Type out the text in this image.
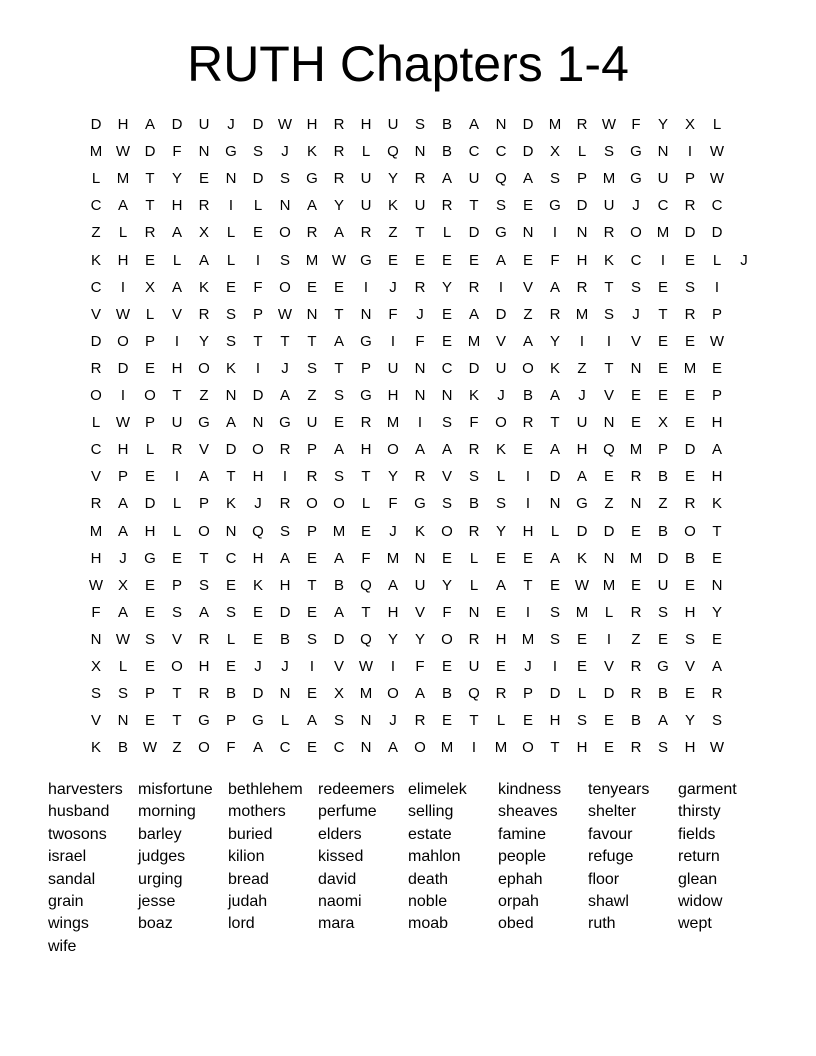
RUTH Chapters 1-4
D	H	A	D	U	J	D W H	R	H	U	S	B	A	N	D	M	R W	F	Y	X	L
M W D	F	N	G	S	J	K	R	L	Q	N	B	C	C	D	X	L	S	G	N	I	W
L	M	T	Y	E	N	D	S	G	R	U	Y	R	A	U	Q	A	S	P	M G	U	P W
C	A	T	H	R	I	L	N	A	Y	U	K	U	R	T	S	E	G	D	U	J	C	R	C
Z	L	R	A	X	L	E	O	R	A	R	Z	T	L	D	G	N	I	N	R	O M	D	D
K	H	E	L	A	L	I	S	M W G	E	E	E	E	A	E	F	H	K	C	I	E	L	J
C	I	X	A	K	E	F	O	E	E	I	J	R	Y	R	I	V	A	R	T	S	E	S	I
V W	L	V	R	S	P W N	T	N	F	J	E	A	D	Z	R	M	S	J	T	R	P
D	O	P	I	Y	S	T	T	T	A	G	I	F	E	M	V	A	Y	I	I	V	E	E W
R	D	E	H	O	K	I	J	S	T	P	U	N	C	D	U	O	K	Z	T	N	E	M	E
O	I	O	T	Z	N	D	A	Z	S	G	H	N	N	K	J	B	A	J	V	E	E	E	P
L	W P	U	G	A	N	G	U	E	R	M	I	S	F	O	R	T	U	N	E	X	E	H
C	H	L	R	V	D	O	R	P	A	H	O	A	A	R	K	E	A	H	Q M	P	D	A
V	P	E	I	A	T	H	I	R	S	T	Y	R	V	S	L	I	D	A	E	R	B	E	H
R	A	D	L	P	K	J	R	O	O	L	F	G	S	B	S	I	N	G	Z	N	Z	R	K
M	A	H	L	O	N	Q	S	P	M	E	J	K	O	R	Y	H	L	D	D	E	B	O	T
H	J	G	E	T	C	H	A	E	A	F	M	N	E	L	E	E	A	K	N	M	D	B	E
W X	E	P	S	E	K	H	T	B	Q	A	U	Y	L	A	T	E W M	E	U	E	N
F	A	E	S	A	S	E	D	E	A	T	H	V	F	N	E	I	S	M	L	R	S	H	Y
N W S	V	R	L	E	B	S	D	Q	Y	Y	O	R	H	M	S	E	I	Z	E	S	E
X	L	E	O	H	E	J	J	I	V W	I	F	E	U	E	J	I	E	V	R	G	V	A
S	S	P	T	R	B	D	N	E	X	M O	A	B	Q	R	P	D	L	D	R	B	E	R
V	N	E	T	G	P	G	L	A	S	N	J	R	E	T	L	E	H	S	E	B	A	Y	S
K	B W	Z	O	F	A	C	E	C	N	A	O M	I	M O	T	H	E	R	S	H W
harvesters misfortune bethlehem redeemers elimelek kindness tenyears garment
husband morning mothers perfume selling	sheaves shelter	thirsty
twosons barley	buried	elders	estate	famine	favour	fields
israel	judges	kilion	kissed	mahlon people	refuge	return
sandal	urging	bread	david	death	ephah	floor	glean
grain	jesse	judah	naomi	noble	orpah	shawl	widow
wings	boaz	lord	mara	moab	obed	ruth	wept
wife
